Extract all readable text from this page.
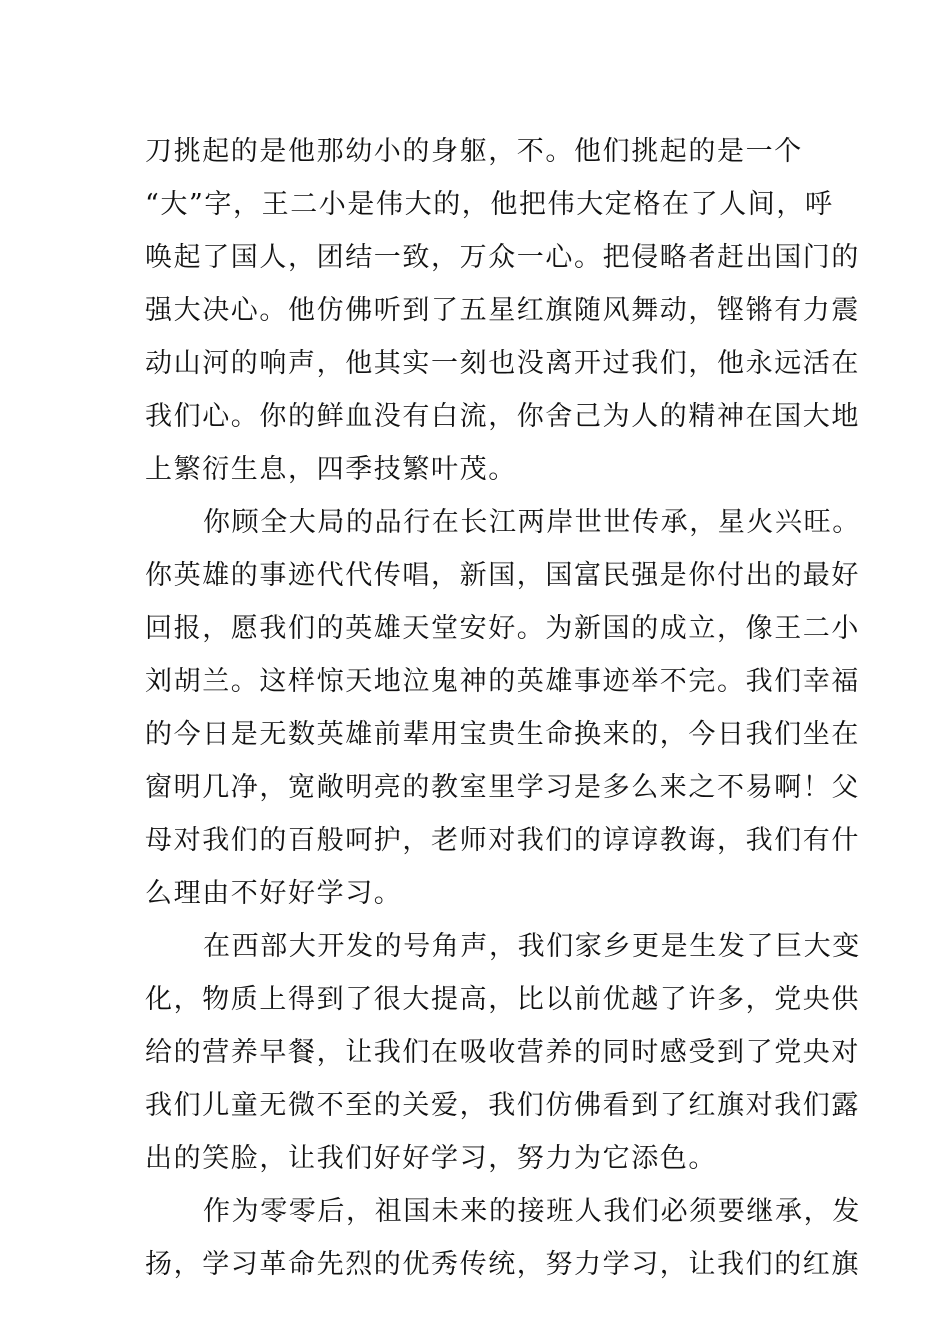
刀挑起的是他那幼小的身躯，不。他们挑起的是一个
“大”字，王二小是伟大的，他把伟大定格在了人间，呼
唤起了国人，团结一致，万众一心。把侵略者赶出国门的
强大决心。他仿佛听到了五星红旗随风舞动，铿锵有力震
动山河的响声，他其实一刻也没离开过我们，他永远活在
我们心。你的鲜血没有白流，你舍己为人的精神在国大地
上繁衍生息，四季技繁叶茂。
你顾全大局的品行在长江两岸世世传承，星火兴旺。
你英雄的事迹代代传唱，新国，国富民强是你付出的最好
回报，愿我们的英雄天堂安好。为新国的成立，像王二小
刘胡兰。这样惊天地泣鬼神的英雄事迹举不完。我们幸福
的今日是无数英雄前辈用宝贵生命换来的，今日我们坐在
窗明几净，宽敞明亮的教室里学习是多么来之不易啊！父
母对我们的百般呵护，老师对我们的谆谆教诲，我们有什
么理由不好好学习。
在西部大开发的号角声，我们家乡更是生发了巨大变
化，物质上得到了很大提高，比以前优越了许多，党央供
给的营养早餐，让我们在吸收营养的同时感受到了党央对
我们儿童无微不至的关爱，我们仿佛看到了红旗对我们露
出的笑脸，让我们好好学习，努力为它添色。
作为零零后，祖国未来的接班人我们必须要继承，发
扬，学习革命先烈的优秀传统，努力学习，让我们的红旗
